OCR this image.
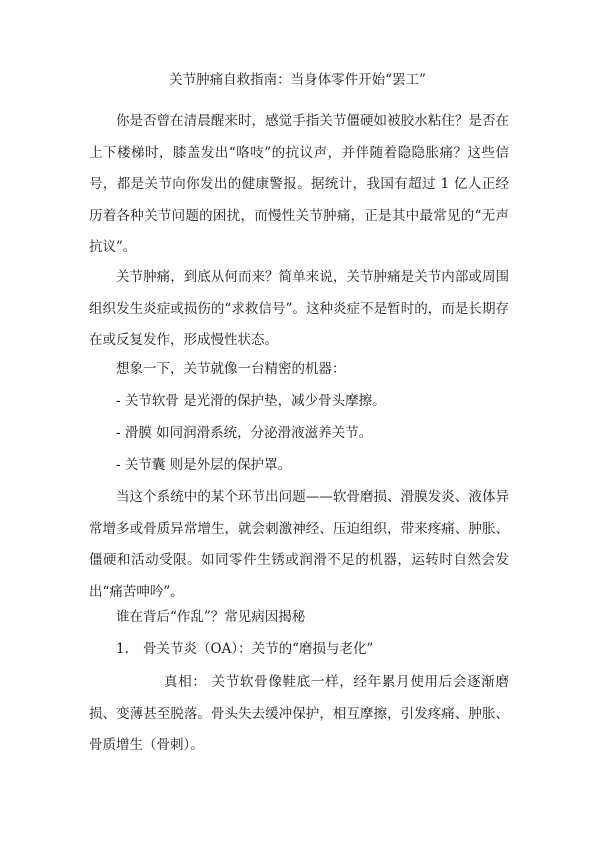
关节肿痛自救指南：当身体零件开始“罢工”

你是否曾在清晨醒来时，感觉手指关节僵硬如被胶水粘住？是否在上下楼梯时，膝盖发出“咯吱”的抗议声，并伴随着隐隐胀痛？这些信号，都是关节向你发出的健康警报。据统计，我国有超过 1 亿人正经历着各种关节问题的困扰，而慢性关节肿痛，正是其中最常见的“无声抗议”。

关节肿痛，到底从何而来？简单来说，关节肿痛是关节内部或周围组织发生炎症或损伤的“求救信号”。这种炎症不是暂时的，而是长期存在或反复发作，形成慢性状态。

想象一下，关节就像一台精密的机器：
- 关节软骨 是光滑的保护垫，减少骨头摩擦。
- 滑膜 如同润滑系统，分泌滑液滋养关节。
- 关节囊 则是外层的保护罩。

当这个系统中的某个环节出问题——软骨磨损、滑膜发炎、液体异常增多或骨质异常增生，就会刺激神经、压迫组织，带来疼痛、肿胀、僵硬和活动受限。如同零件生锈或润滑不足的机器，运转时自然会发出“痛苦呻吟”。

谁在背后“作乱”？常见病因揭秘
1. 骨关节炎（OA）：关节的“磨损与老化”

真相： 关节软骨像鞋底一样，经年累月使用后会逐渐磨损、变薄甚至脱落。骨头失去缓冲保护，相互摩擦，引发疼痛、肿胀、骨质增生（骨刺）。
